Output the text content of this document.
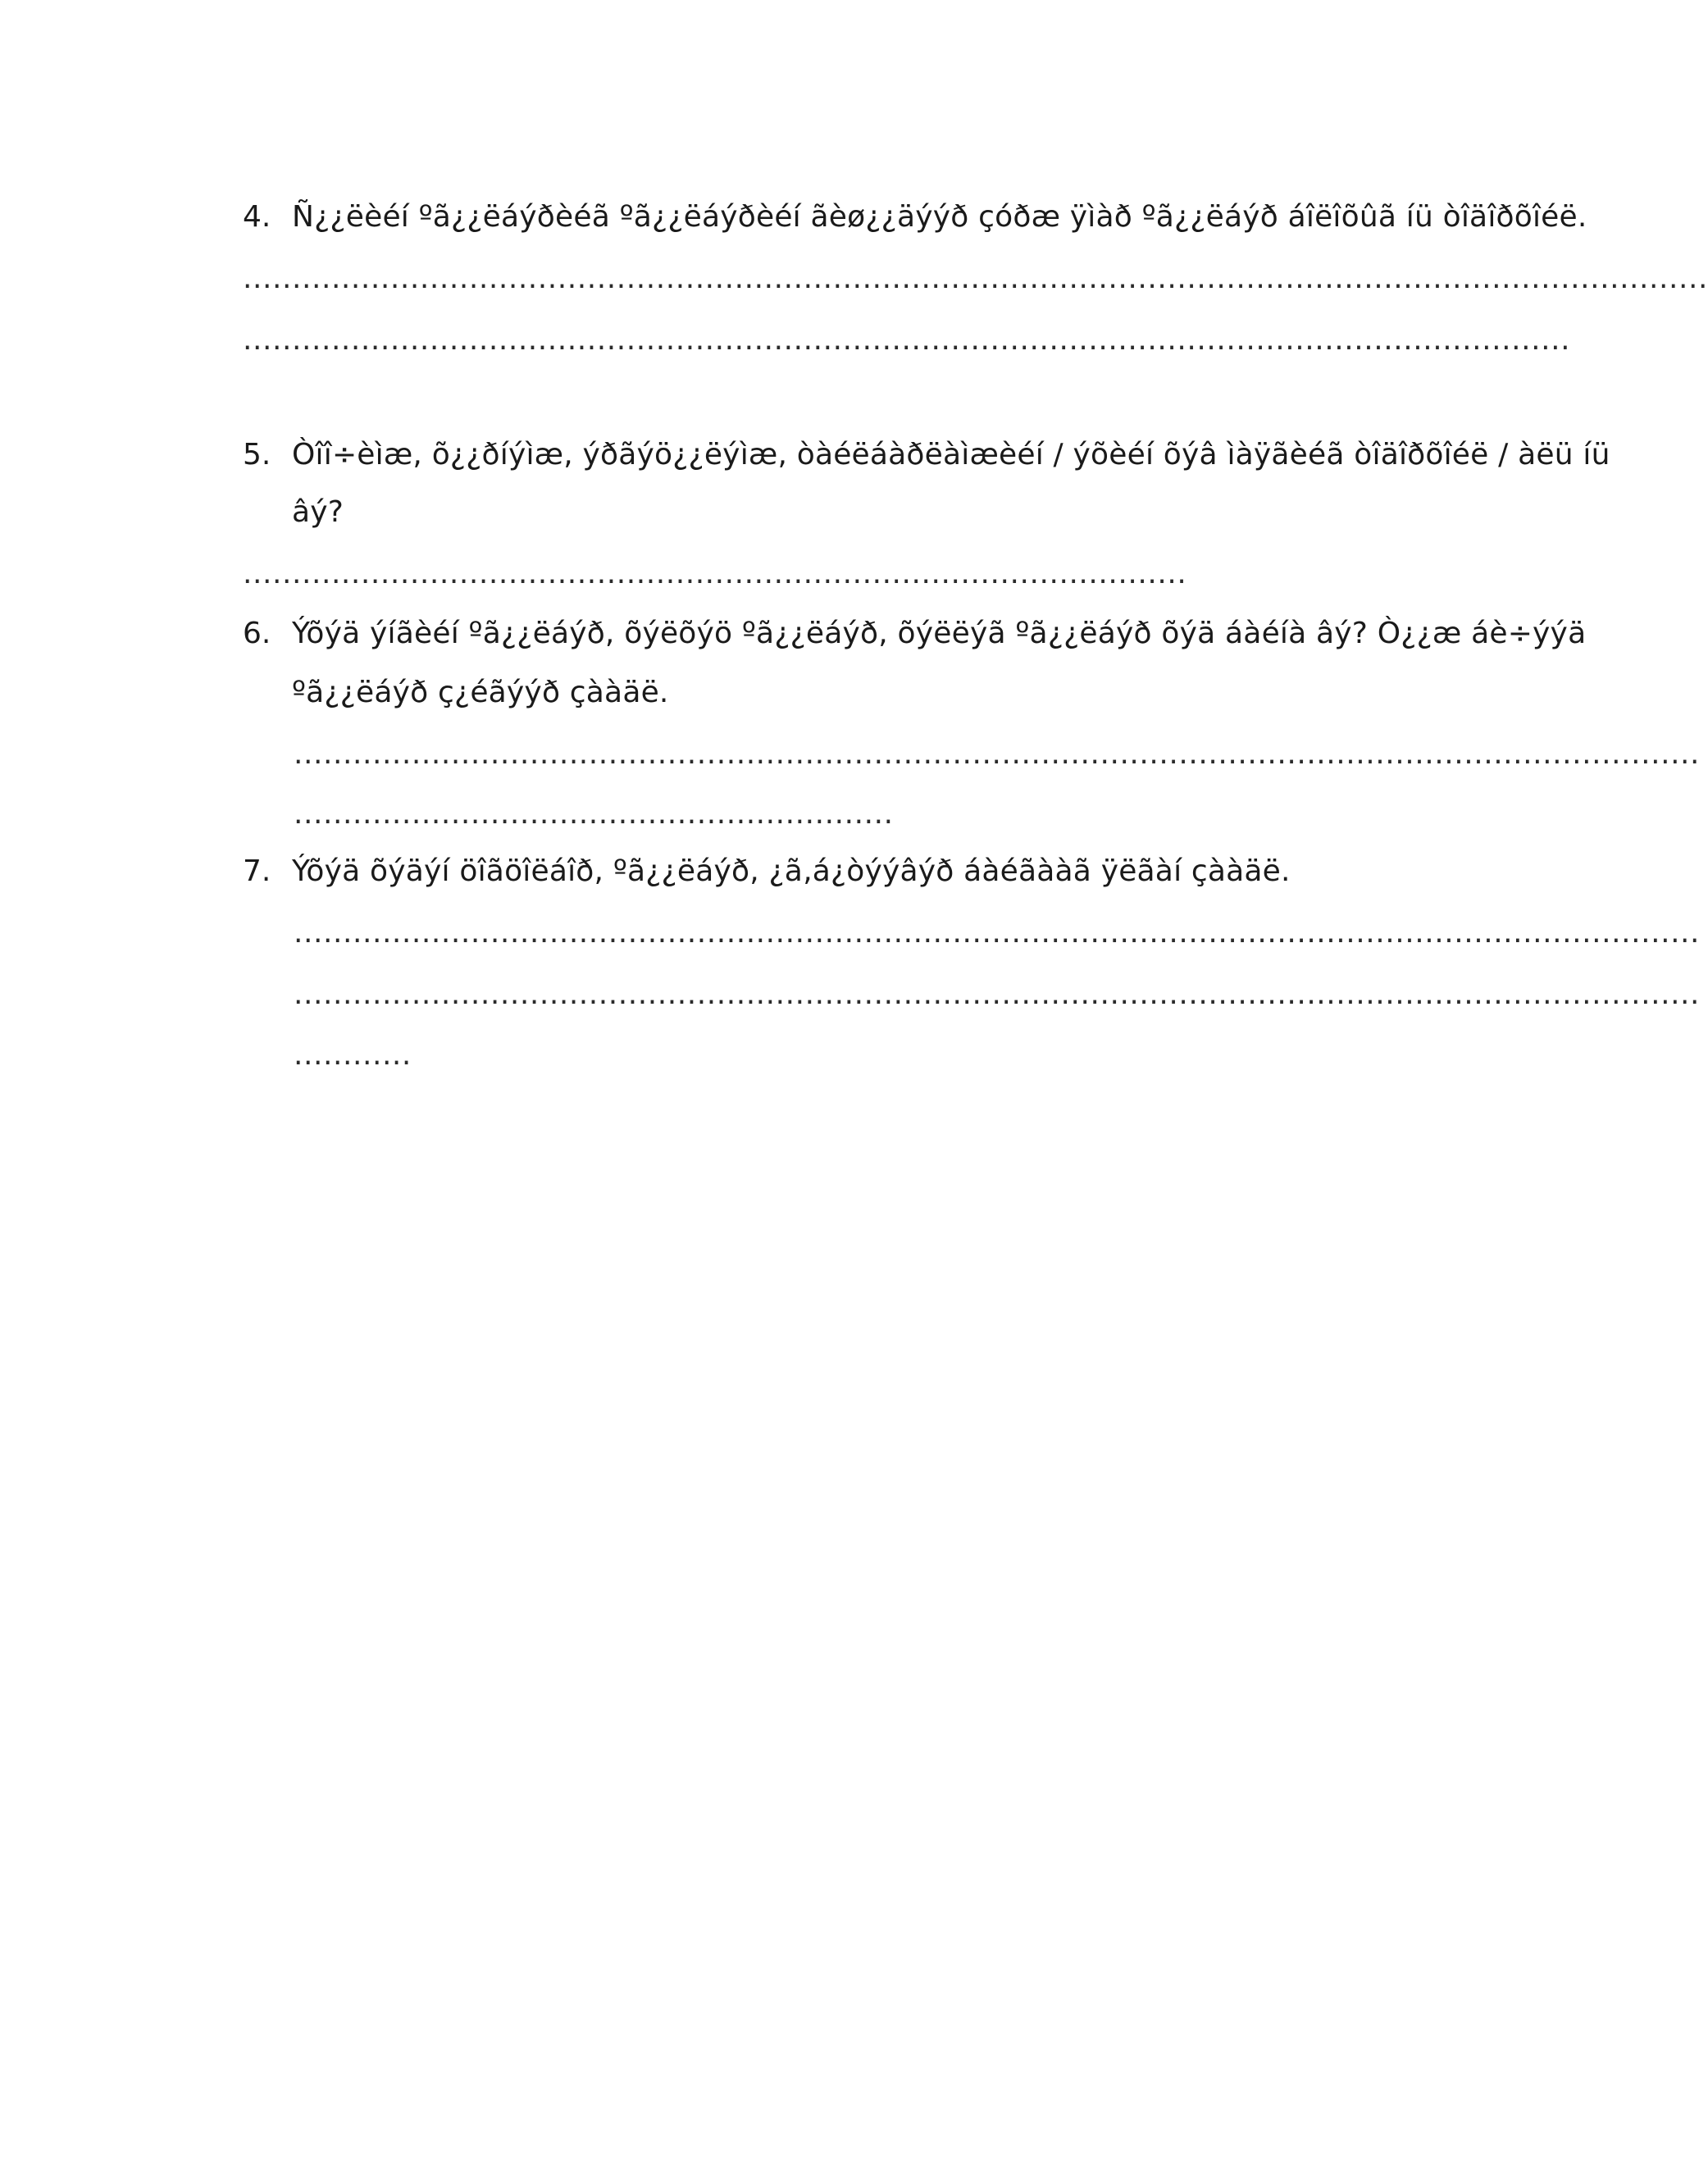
4. Ñ¿¿ëèéí ºã¿¿ëáýðèéã ºã¿¿ëáýðèéí ãèø¿¿äýýð çóðæ ÿìàð ºã¿¿ëáýð áîëîõûã íü òîäîðõîéë.
.....................................................................................................................................................
.......................................................................................................................................
5. Òîî÷èìæ, õ¿¿ðíýìæ, ýðãýö¿¿ëýìæ, òàéëáàðëàìæèéí / ýõèéí õýâ ìàÿãèéã òîäîðõîéë / àëü íü
âý?
................................................................................................
6. Ýõýä ýíãèéí ºã¿¿ëáýð, õýëõýö ºã¿¿ëáýð, õýëëýã ºã¿¿ëáýð õýä áàéíà âý? Ò¿¿æ áè÷ýýä
ºã¿¿ëáýð ç¿éãýýð çààäë.
...............................................................................................................................................
.............................................................
7. Ýõýä õýäýí öîãöîëáîð, ºã¿¿ëáýð, ¿ã‚á¿òýýâýð áàéãààã ÿëãàí çààäë.
...............................................................................................................................................
...............................................................................................................................................
............
